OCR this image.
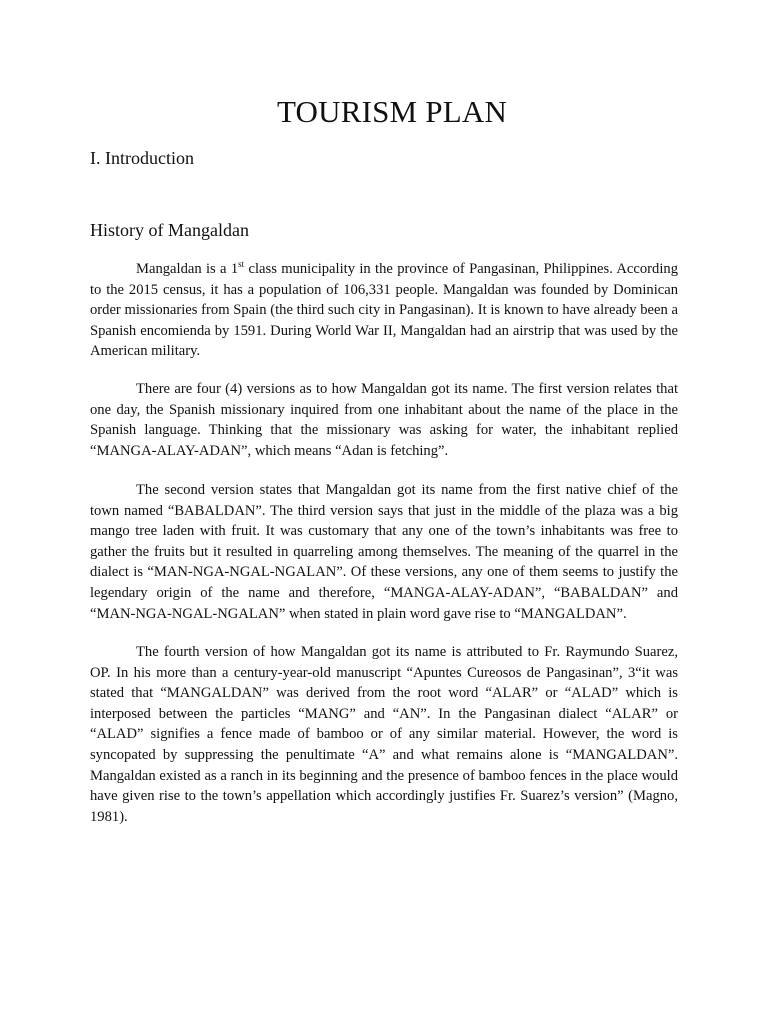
TOURISM PLAN
I. Introduction
History of Mangaldan

Mangaldan is a 1st class municipality in the province of Pangasinan, Philippines. According to the 2015 census, it has a population of 106,331 people. Mangaldan was founded by Dominican order missionaries from Spain (the third such city in Pangasinan). It is known to have already been a Spanish encomienda by 1591. During World War II, Mangaldan had an airstrip that was used by the American military.

There are four (4) versions as to how Mangaldan got its name. The first version relates that one day, the Spanish missionary inquired from one inhabitant about the name of the place in the Spanish language. Thinking that the missionary was asking for water, the inhabitant replied “MANGA-ALAY-ADAN”, which means “Adan is fetching”.

The second version states that Mangaldan got its name from the first native chief of the town named “BABALDAN”. The third version says that just in the middle of the plaza was a big mango tree laden with fruit. It was customary that any one of the town’s inhabitants was free to gather the fruits but it resulted in quarreling among themselves. The meaning of the quarrel in the dialect is “MAN-NGA-NGAL-NGALAN”. Of these versions, any one of them seems to justify the legendary origin of the name and therefore, “MANGA-ALAY-ADAN”, “BABALDAN” and “MAN-NGA-NGAL-NGALAN” when stated in plain word gave rise to “MANGALDAN”.

The fourth version of how Mangaldan got its name is attributed to Fr. Raymundo Suarez, OP. In his more than a century-year-old manuscript “Apuntes Cureosos de Pangasinan”, 3“it was stated that “MANGALDAN” was derived from the root word “ALAR” or “ALAD” which is interposed between the particles “MANG” and “AN”. In the Pangasinan dialect “ALAR” or “ALAD” signifies a fence made of bamboo or of any similar material. However, the word is syncopated by suppressing the penultimate “A” and what remains alone is “MANGALDAN”. Mangaldan existed as a ranch in its beginning and the presence of bamboo fences in the place would have given rise to the town’s appellation which accordingly justifies Fr. Suarez’s version” (Magno, 1981).
